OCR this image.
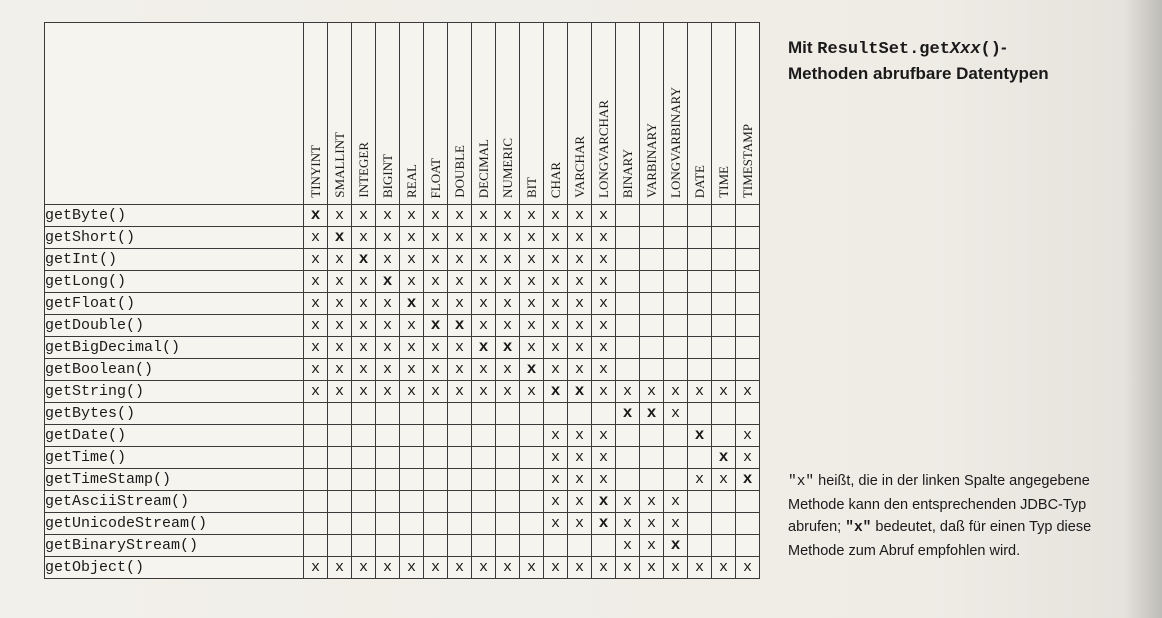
	TINYINT	SMALLINT	INTEGER	BIGINT	REAL	FLOAT	DOUBLE	DECIMAL	NUMERIC	BIT	CHAR	VARCHAR	LONGVARCHAR	BINARY	VARBINARY	LONGVARBINARY	DATE	TIME	TIMESTAMP

getByte()	x	x	x	x	x	x	x	x	x	x	x	x	x						
getShort()	x	x	x	x	x	x	x	x	x	x	x	x	x						
getInt()	x	x	x	x	x	x	x	x	x	x	x	x	x						
getLong()	x	x	x	x	x	x	x	x	x	x	x	x	x						
getFloat()	x	x	x	x	x	x	x	x	x	x	x	x	x						
getDouble()	x	x	x	x	x	x	x	x	x	x	x	x	x						
getBigDecimal()	x	x	x	x	x	x	x	x	x	x	x	x	x						
getBoolean()	x	x	x	x	x	x	x	x	x	x	x	x	x						
getString()	x	x	x	x	x	x	x	x	x	x	x	x	x	x	x	x	x	x	x
getBytes()														x	x	x			
getDate()											x	x	x				x		x
getTime()											x	x	x					x	x
getTimeStamp()											x	x	x				x	x	x
getAsciiStream()											x	x	x	x	x	x			
getUnicodeStream()											x	x	x	x	x	x			
getBinaryStream()														x	x	x			
getObject()	x	x	x	x	x	x	x	x	x	x	x	x	x	x	x	x	x	x	x
Mit ResultSet.getXxx()-
Methoden abrufbare Datentypen
"x" heißt, die in der linken Spalte angegebene Methode kann den entsprechenden JDBC-Typ abrufen; "x" bedeutet, daß für einen Typ diese Methode zum Abruf empfohlen wird.
